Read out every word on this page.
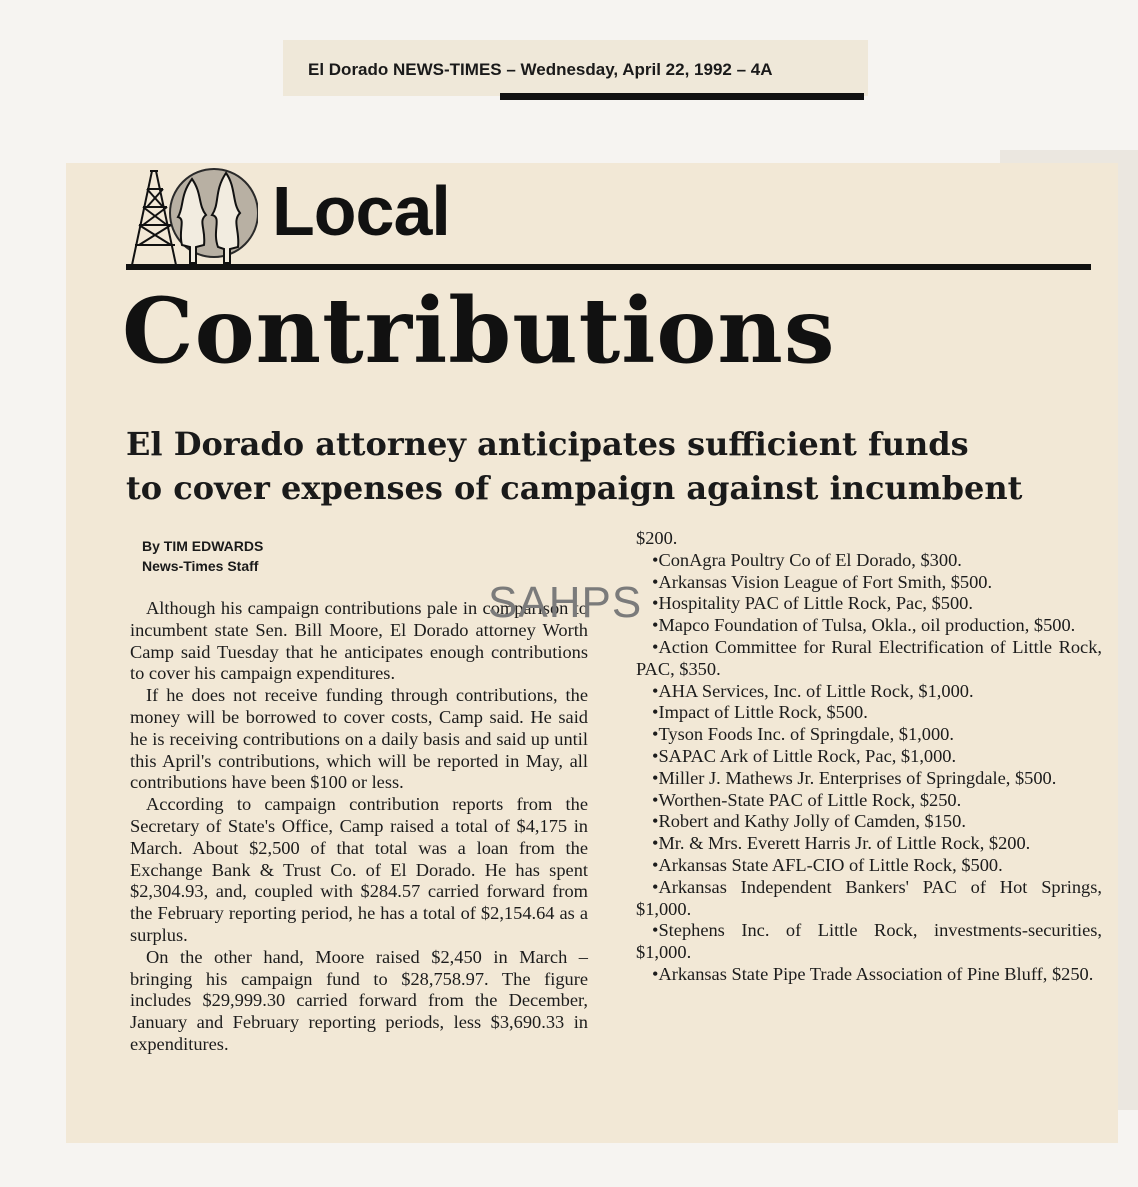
El Dorado NEWS-TIMES – Wednesday, April 22, 1992 – 4A
Local
Contributions
El Dorado attorney anticipates sufficient funds
to cover expenses of campaign against incumbent
By TIM EDWARDS
News-Times Staff

Although his campaign contributions pale in comparison to incumbent state Sen. Bill Moore, El Dorado attorney Worth Camp said Tuesday that he anticipates enough contributions to cover his campaign expenditures.

If he does not receive funding through contributions, the money will be borrowed to cover costs, Camp said. He said he is receiving contributions on a daily basis and said up until this April's contributions, which will be reported in May, all contributions have been $100 or less.

According to campaign contribution reports from the Secretary of State's Office, Camp raised a total of $4,175 in March. About $2,500 of that total was a loan from the Exchange Bank & Trust Co. of El Dorado. He has spent $2,304.93, and, coupled with $284.57 carried forward from the February reporting period, he has a total of $2,154.64 as a surplus.

On the other hand, Moore raised $2,450 in March – bringing his campaign fund to $28,758.97. The figure includes $29,999.30 carried forward from the December, January and February reporting periods, less $3,690.33 in expenditures.

$200.

•ConAgra Poultry Co of El Dorado, $300.

•Arkansas Vision League of Fort Smith, $500.

•Hospitality PAC of Little Rock, Pac, $500.

•Mapco Foundation of Tulsa, Okla., oil production, $500.

•Action Committee for Rural Electrification of Little Rock, PAC, $350.

•AHA Services, Inc. of Little Rock, $1,000.

•Impact of Little Rock, $500.

•Tyson Foods Inc. of Springdale, $1,000.

•SAPAC Ark of Little Rock, Pac, $1,000.

•Miller J. Mathews Jr. Enterprises of Springdale, $500.

•Worthen-State PAC of Little Rock, $250.

•Robert and Kathy Jolly of Camden, $150.

•Mr. & Mrs. Everett Harris Jr. of Little Rock, $200.

•Arkansas State AFL-CIO of Little Rock, $500.

•Arkansas Independent Bankers' PAC of Hot Springs, $1,000.

•Stephens Inc. of Little Rock, investments-securities, $1,000.

•Arkansas State Pipe Trade Association of Pine Bluff, $250.

SAHPS
